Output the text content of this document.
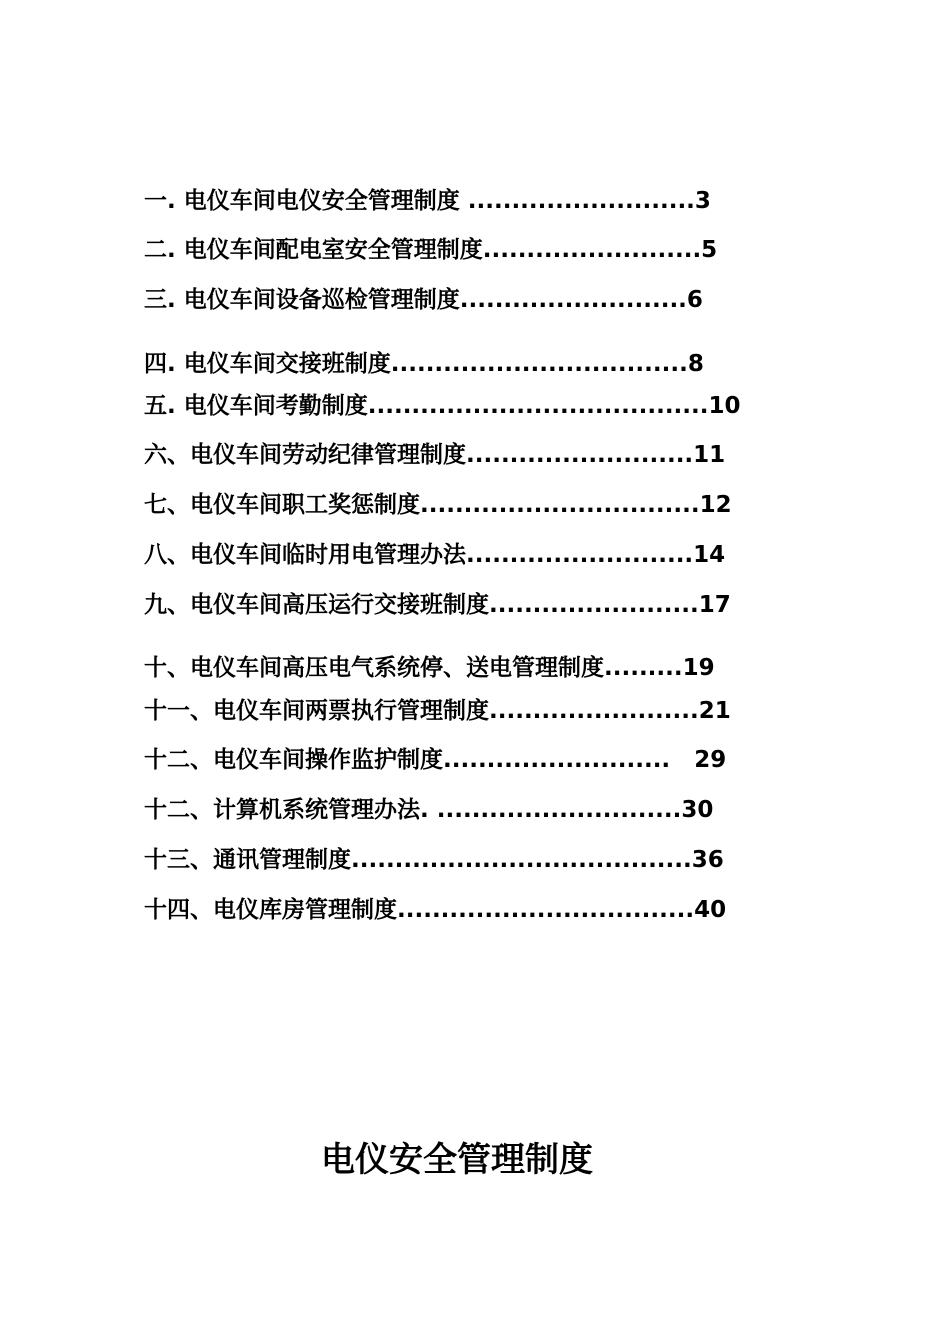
一. 电仪车间电仪安全管理制度 ..........................3
二. 电仪车间配电室安全管理制度.........................5
三. 电仪车间设备巡检管理制度..........................6
四. 电仪车间交接班制度..................................8
五. 电仪车间考勤制度.......................................10
六、电仪车间劳动纪律管理制度..........................11
七、电仪车间职工奖惩制度................................12
八、电仪车间临时用电管理办法..........................14
九、电仪车间高压运行交接班制度........................17
十、电仪车间高压电气系统停、送电管理制度.........19
十一、电仪车间两票执行管理制度........................21
十二、电仪车间操作监护制度..........................   29
十二、计算机系统管理办法. ............................30
十三、通讯管理制度.......................................36
十四、电仪库房管理制度..................................40
电仪安全管理制度
